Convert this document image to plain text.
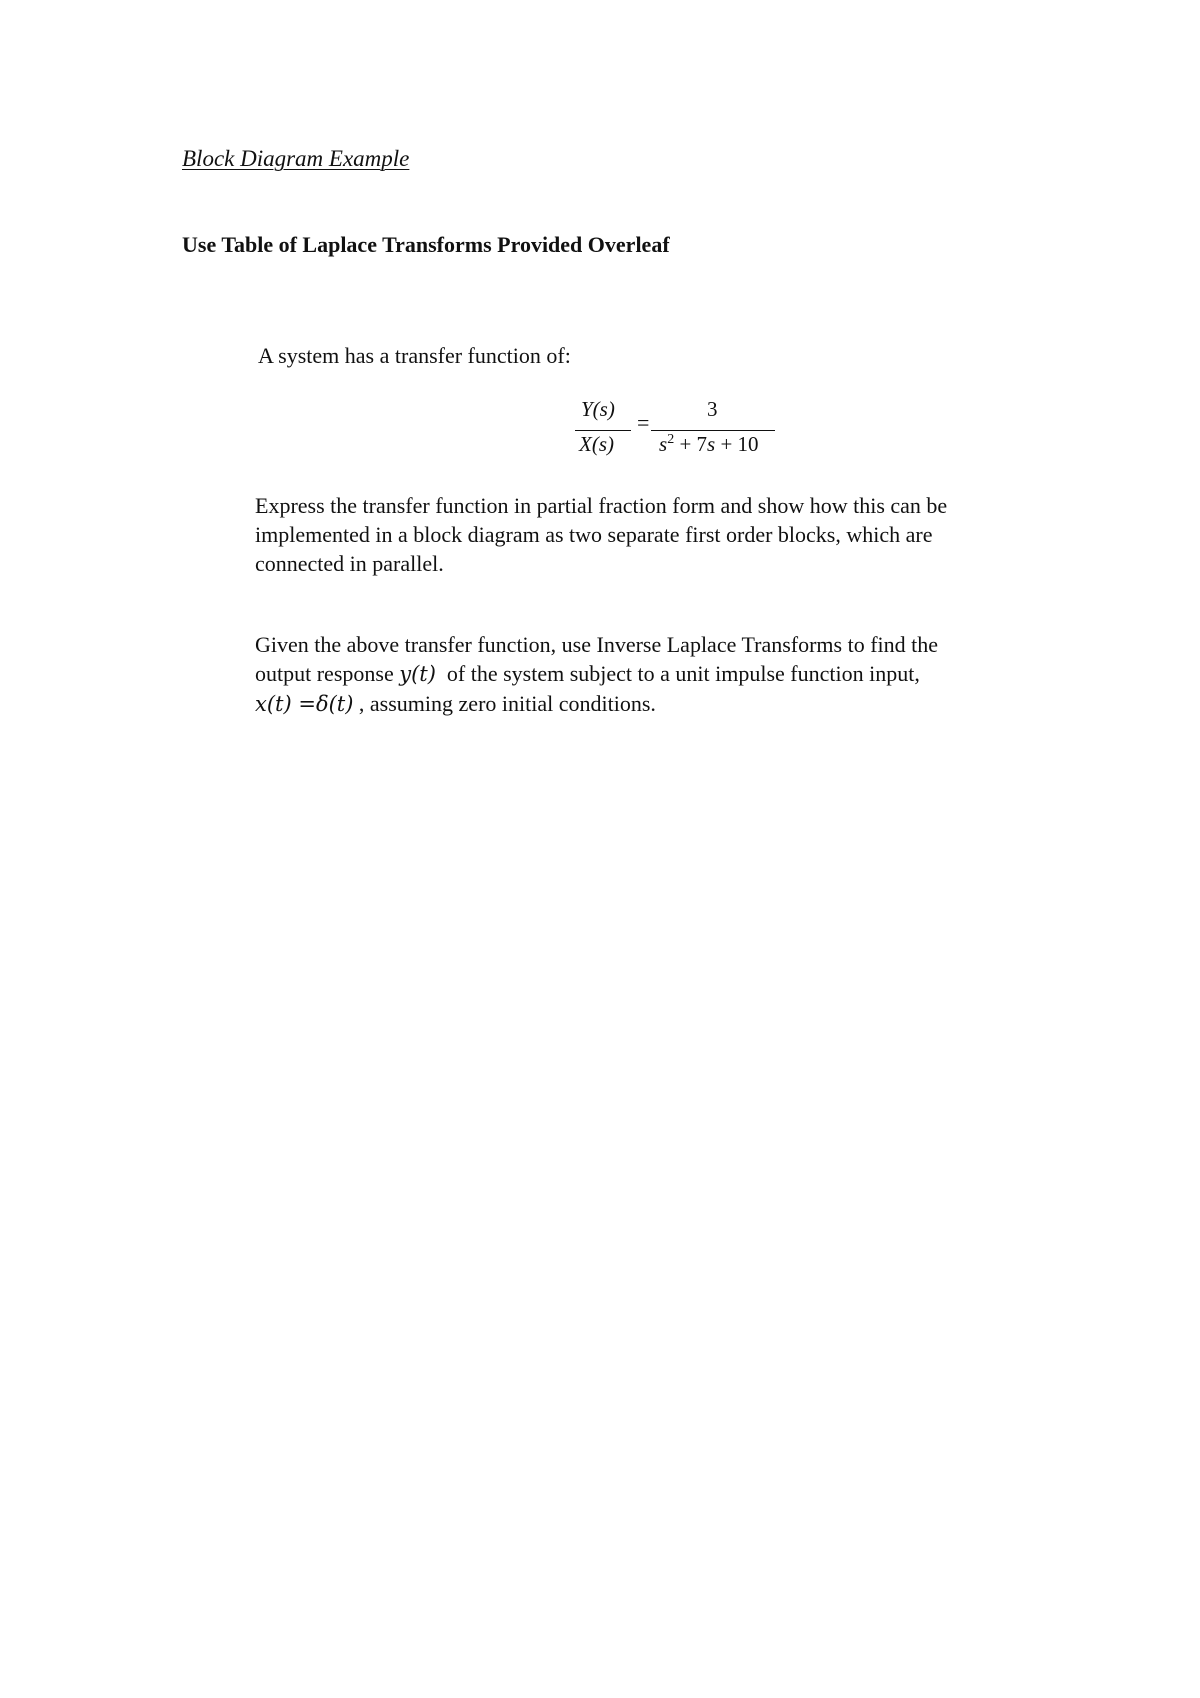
Block Diagram Example
Use Table of Laplace Transforms Provided Overleaf

A system has a transfer function of:

Y(s)
X(s)
=
3
$s^2 + 7s + 10$
Express the transfer function in partial fraction form and show how this can be
implemented in a block diagram as two separate first order blocks, which are
connected in parallel.
Given the above transfer function, use Inverse Laplace Transforms to find the
output response y(t)  of the system subject to a unit impulse function input,
x(t) =δ(t) , assuming zero initial conditions.
